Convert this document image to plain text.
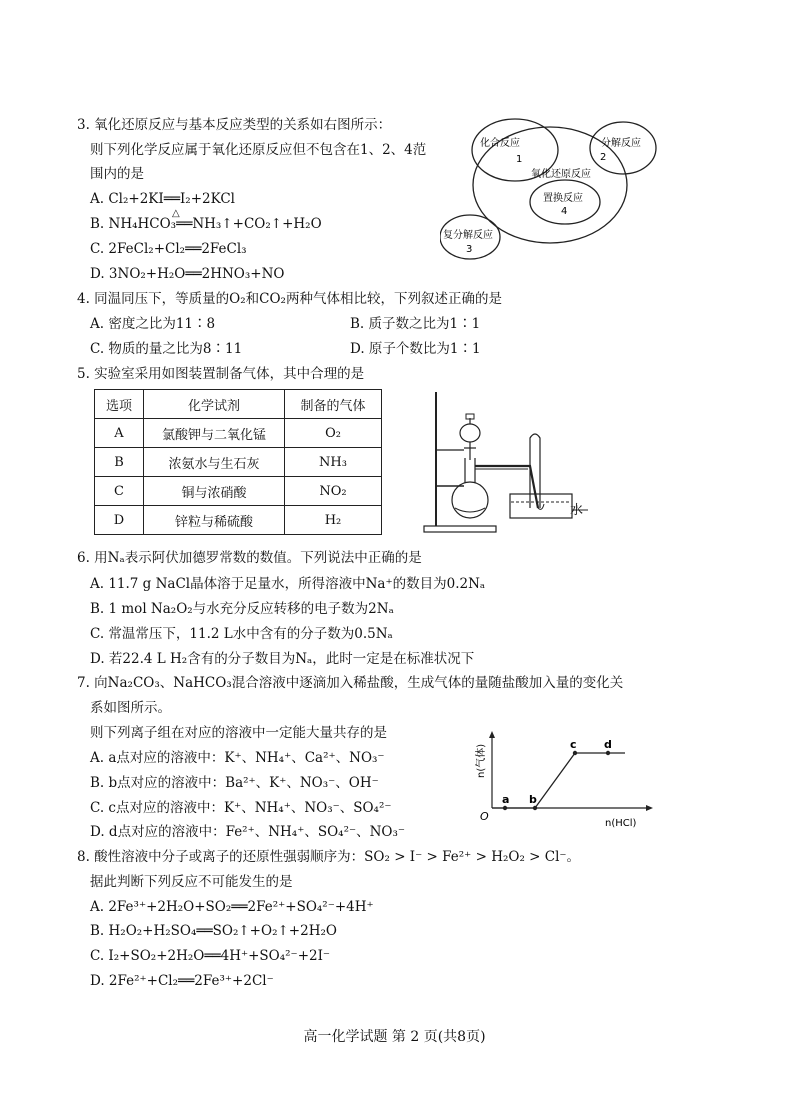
3. 氧化还原反应与基本反应类型的关系如右图所示：
则下列化学反应属于氧化还原反应但不包含在1、2、4范
围内的是
A. Cl₂+2KI══I₂+2KCl
△
B. NH₄HCO₃══NH₃↑+CO₂↑+H₂O
C. 2FeCl₂+Cl₂══2FeCl₃
D. 3NO₂+H₂O══2HNO₃+NO
化合反应
1
分解反应
2
氧化还原反应
置换反应
4
复分解反应
3
4. 同温同压下，等质量的O₂和CO₂两种气体相比较，下列叙述正确的是
A. 密度之比为11∶8	B. 质子数之比为1∶1
C. 物质的量之比为8∶11	D. 原子个数比为1∶1
5. 实验室采用如图装置制备气体，其中合理的是
选项	化学试剂	制备的气体
A	氯酸钾与二氧化锰	O₂
B	浓氨水与生石灰	NH₃
C	铜与浓硝酸	NO₂
D	锌粒与稀硫酸	H₂
水
6. 用Nₐ表示阿伏加德罗常数的数值。下列说法中正确的是
A. 11.7 g NaCl晶体溶于足量水，所得溶液中Na⁺的数目为0.2Nₐ
B. 1 mol Na₂O₂与水充分反应转移的电子数为2Nₐ
C. 常温常压下，11.2 L水中含有的分子数为0.5Nₐ
D. 若22.4 L H₂含有的分子数目为Nₐ，此时一定是在标准状况下
7. 向Na₂CO₃、NaHCO₃混合溶液中逐滴加入稀盐酸，生成气体的量随盐酸加入量的变化关
系如图所示。
则下列离子组在对应的溶液中一定能大量共存的是
A. a点对应的溶液中：K⁺、NH₄⁺、Ca²⁺、NO₃⁻
B. b点对应的溶液中：Ba²⁺、K⁺、NO₃⁻、OH⁻
C. c点对应的溶液中：K⁺、NH₄⁺、NO₃⁻、SO₄²⁻
D. d点对应的溶液中：Fe²⁺、NH₄⁺、SO₄²⁻、NO₃⁻
a b
c d
O
n(HCl)
n(气体)
8. 酸性溶液中分子或离子的还原性强弱顺序为：SO₂ > I⁻ > Fe²⁺ > H₂O₂ > Cl⁻。
据此判断下列反应不可能发生的是
A. 2Fe³⁺+2H₂O+SO₂══2Fe²⁺+SO₄²⁻+4H⁺
B. H₂O₂+H₂SO₄══SO₂↑+O₂↑+2H₂O
C. I₂+SO₂+2H₂O══4H⁺+SO₄²⁻+2I⁻
D. 2Fe²⁺+Cl₂══2Fe³⁺+2Cl⁻
高一化学试题 第 2 页(共8页)
